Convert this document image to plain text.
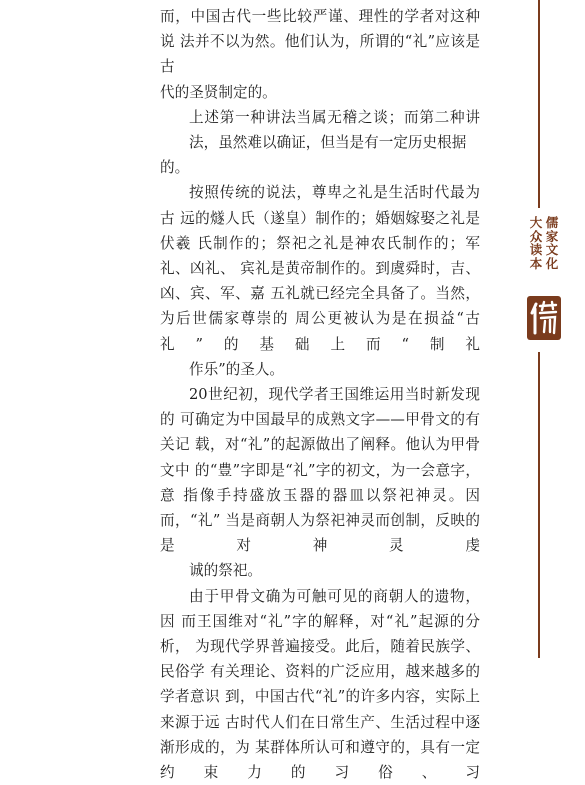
而，中国古代一些比较严谨、理性的学者对这种说 法并不以为然。他们认为，所谓的“礼”应该是古
代的圣贤制定的。

上述第一种讲法当属无稽之谈；而第二种讲
法，虽然难以确证，但当是有一定历史根据的。

按照传统的说法，尊卑之礼是生活时代最为古 远的燧人氏（遂皇）制作的；婚姻嫁娶之礼是伏羲 氏制作的；祭祀之礼是神农氏制作的；军礼、凶礼、 宾礼是黄帝制作的。到虞舜时，吉、凶、宾、军、嘉 五礼就已经完全具备了。当然，为后世儒家尊崇的 周公更被认为是在损益“古礼”的基础上而“制礼
作乐”的圣人。

20世纪初，现代学者王国维运用当时新发现的 可确定为中国最早的成熟文字——甲骨文的有关记 载，对“礼”的起源做出了阐释。他认为甲骨文中 的“豊”字即是“礼”字的初文，为一会意字，意 指像手持盛放玉器的器皿以祭祀神灵。因而，“礼” 当是商朝人为祭祀神灵而创制，反映的是对神灵虔
诚的祭祀。

由于甲骨文确为可触可见的商朝人的遗物，因 而王国维对“礼”字的解释，对“礼”起源的分析， 为现代学界普遍接受。此后，随着民族学、民俗学 有关理论、资料的广泛应用，越来越多的学者意识 到，中国古代“礼”的许多内容，实际上来源于远 古时代人们在日常生产、生活过程中逐渐形成的，为 某群体所认可和遵守的，具有一定约束力的习俗、习

儒家文化
大众读本
